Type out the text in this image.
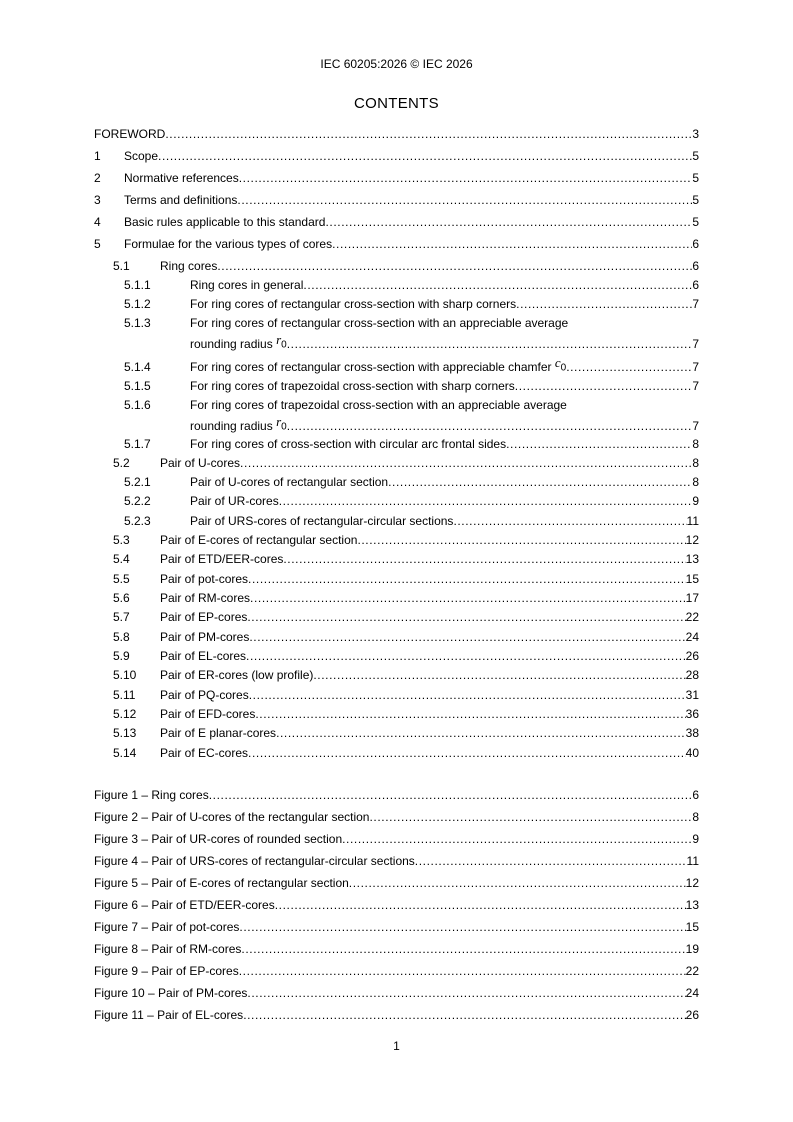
IEC 60205:2026 © IEC 2026
CONTENTS
FOREWORD .....	3
1	Scope .....	5
2	Normative references .....	5
3	Terms and definitions .....	5
4	Basic rules applicable to this standard .....	5
5	Formulae for the various types of cores .....	6
5.1	Ring cores .....	6
5.1.1	Ring cores in general .....	6
5.1.2	For ring cores of rectangular cross-section with sharp corners .....	7
5.1.3	For ring cores of rectangular cross-section with an appreciable average
rounding radius $r_0$ .....	7
5.1.4	For ring cores of rectangular cross-section with appreciable chamfer $c_0$ .....	7
5.1.5	For ring cores of trapezoidal cross-section with sharp corners .....	7
5.1.6	For ring cores of trapezoidal cross-section with an appreciable average
rounding radius $r_0$ .....	7
5.1.7	For ring cores of cross-section with circular arc frontal sides .....	8
5.2	Pair of U-cores .....	8
5.2.1	Pair of U-cores of rectangular section .....	8
5.2.2	Pair of UR-cores .....	9
5.2.3	Pair of URS-cores of rectangular-circular sections .....	11
5.3	Pair of E-cores of rectangular section .....	12
5.4	Pair of ETD/EER-cores .....	13
5.5	Pair of pot-cores .....	15
5.6	Pair of RM-cores .....	17
5.7	Pair of EP-cores .....	22
5.8	Pair of PM-cores .....	24
5.9	Pair of EL-cores .....	26
5.10	Pair of ER-cores (low profile) .....	28
5.11	Pair of PQ-cores .....	31
5.12	Pair of EFD-cores .....	36
5.13	Pair of E planar-cores .....	38
5.14	Pair of EC-cores .....	40
Figure 1 – Ring cores .....	6
Figure 2 – Pair of U-cores of the rectangular section .....	8
Figure 3 – Pair of UR-cores of rounded section .....	9
Figure 4 – Pair of URS-cores of rectangular-circular sections .....	11
Figure 5 – Pair of E-cores of rectangular section .....	12
Figure 6 – Pair of ETD/EER-cores .....	13
Figure 7 – Pair of pot-cores .....	15
Figure 8 – Pair of RM-cores .....	19
Figure 9 – Pair of EP-cores .....	22
Figure 10 – Pair of PM-cores .....	24
Figure 11 – Pair of EL-cores .....	26
1
